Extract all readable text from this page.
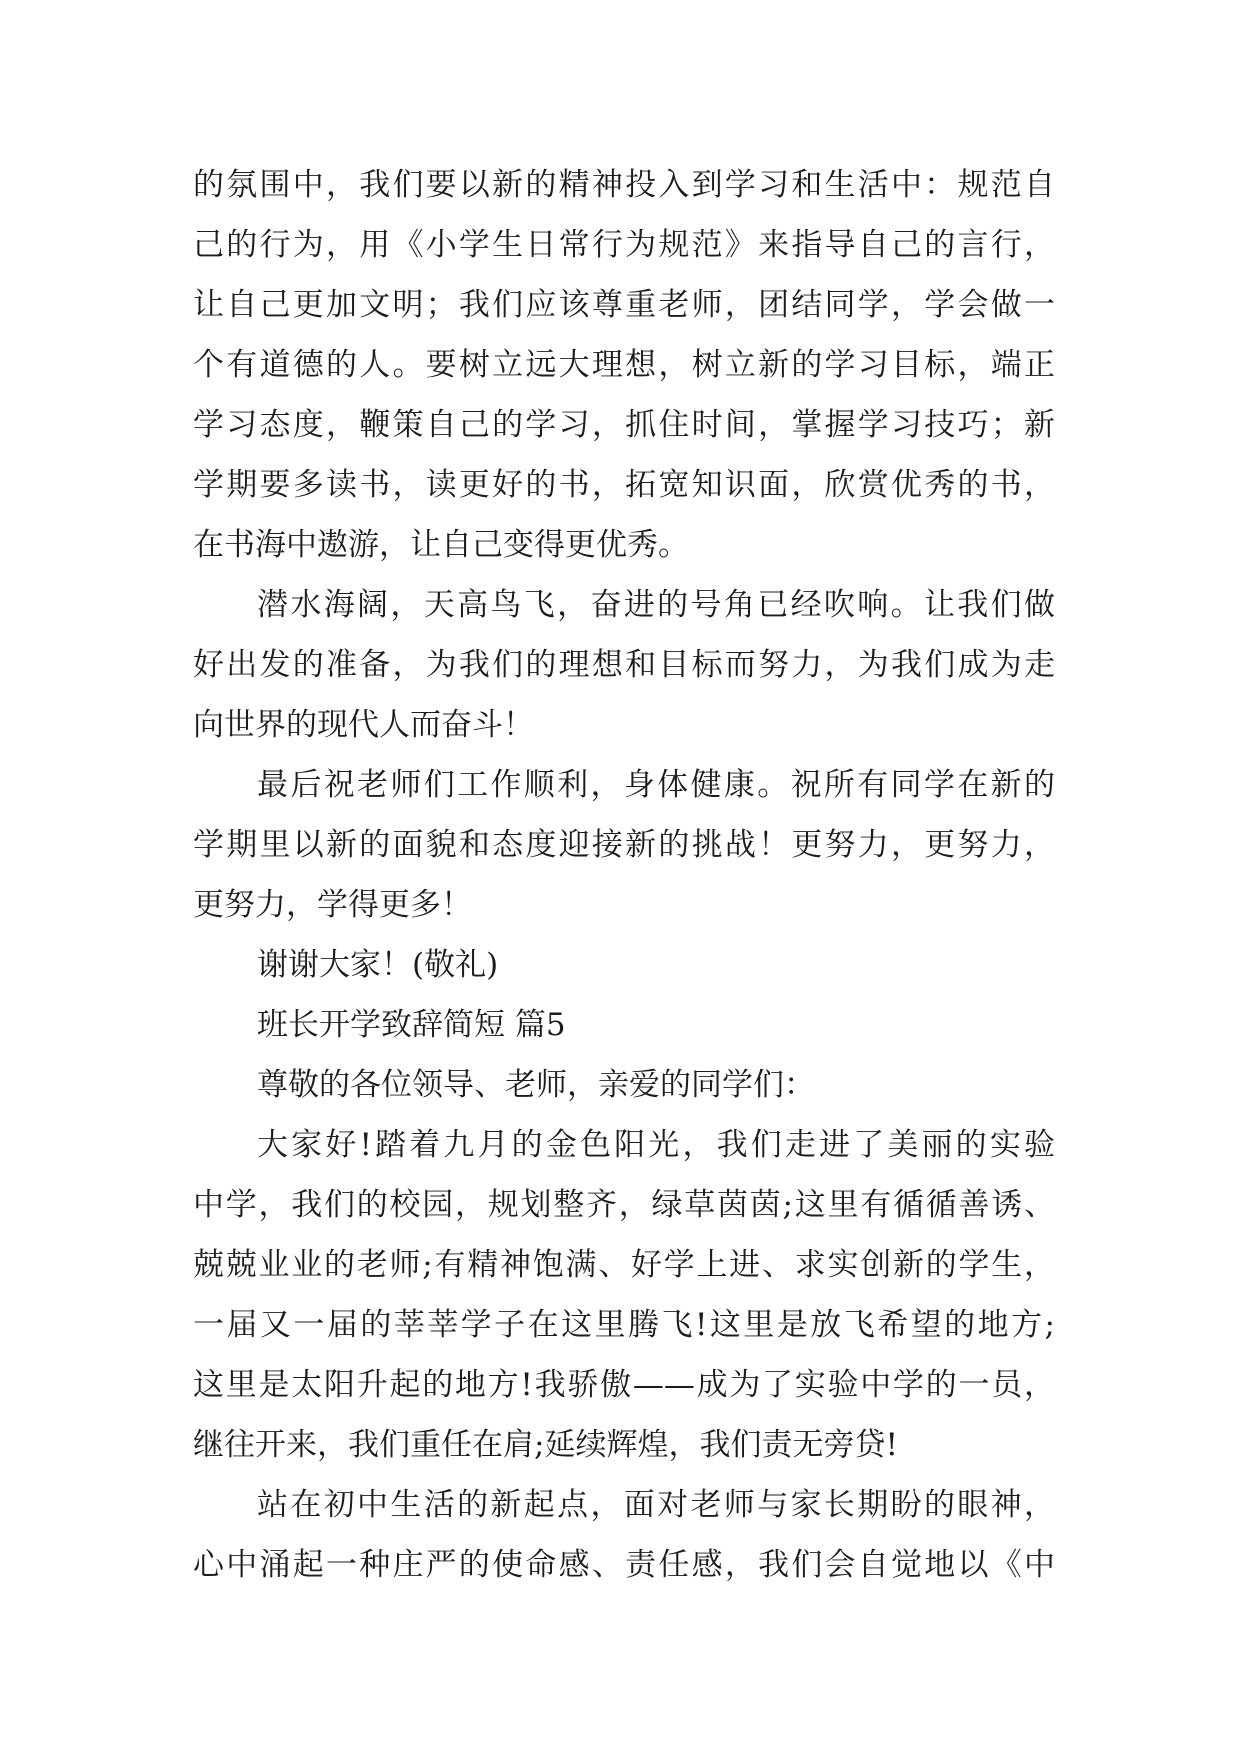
的氛围中，我们要以新的精神投入到学习和生活中：规范自
己的行为，用《小学生日常行为规范》来指导自己的言行，
让自己更加文明；我们应该尊重老师，团结同学，学会做一
个有道德的人。要树立远大理想，树立新的学习目标，端正
学习态度，鞭策自己的学习，抓住时间，掌握学习技巧；新
学期要多读书，读更好的书，拓宽知识面，欣赏优秀的书，
在书海中遨游，让自己变得更优秀。
潜水海阔，天高鸟飞，奋进的号角已经吹响。让我们做
好出发的准备，为我们的理想和目标而努力，为我们成为走
向世界的现代人而奋斗！
最后祝老师们工作顺利，身体健康。祝所有同学在新的
学期里以新的面貌和态度迎接新的挑战！更努力，更努力，
更努力，学得更多！
谢谢大家！(敬礼)
班长开学致辞简短 篇5
尊敬的各位领导、老师，亲爱的同学们：
大家好!踏着九月的金色阳光，我们走进了美丽的实验
中学，我们的校园，规划整齐，绿草茵茵;这里有循循善诱、
兢兢业业的老师;有精神饱满、好学上进、求实创新的学生，
一届又一届的莘莘学子在这里腾飞!这里是放飞希望的地方;
这里是太阳升起的地方!我骄傲——成为了实验中学的一员，
继往开来，我们重任在肩;延续辉煌，我们责无旁贷!
站在初中生活的新起点，面对老师与家长期盼的眼神，
心中涌起一种庄严的使命感、责任感，我们会自觉地以《中
